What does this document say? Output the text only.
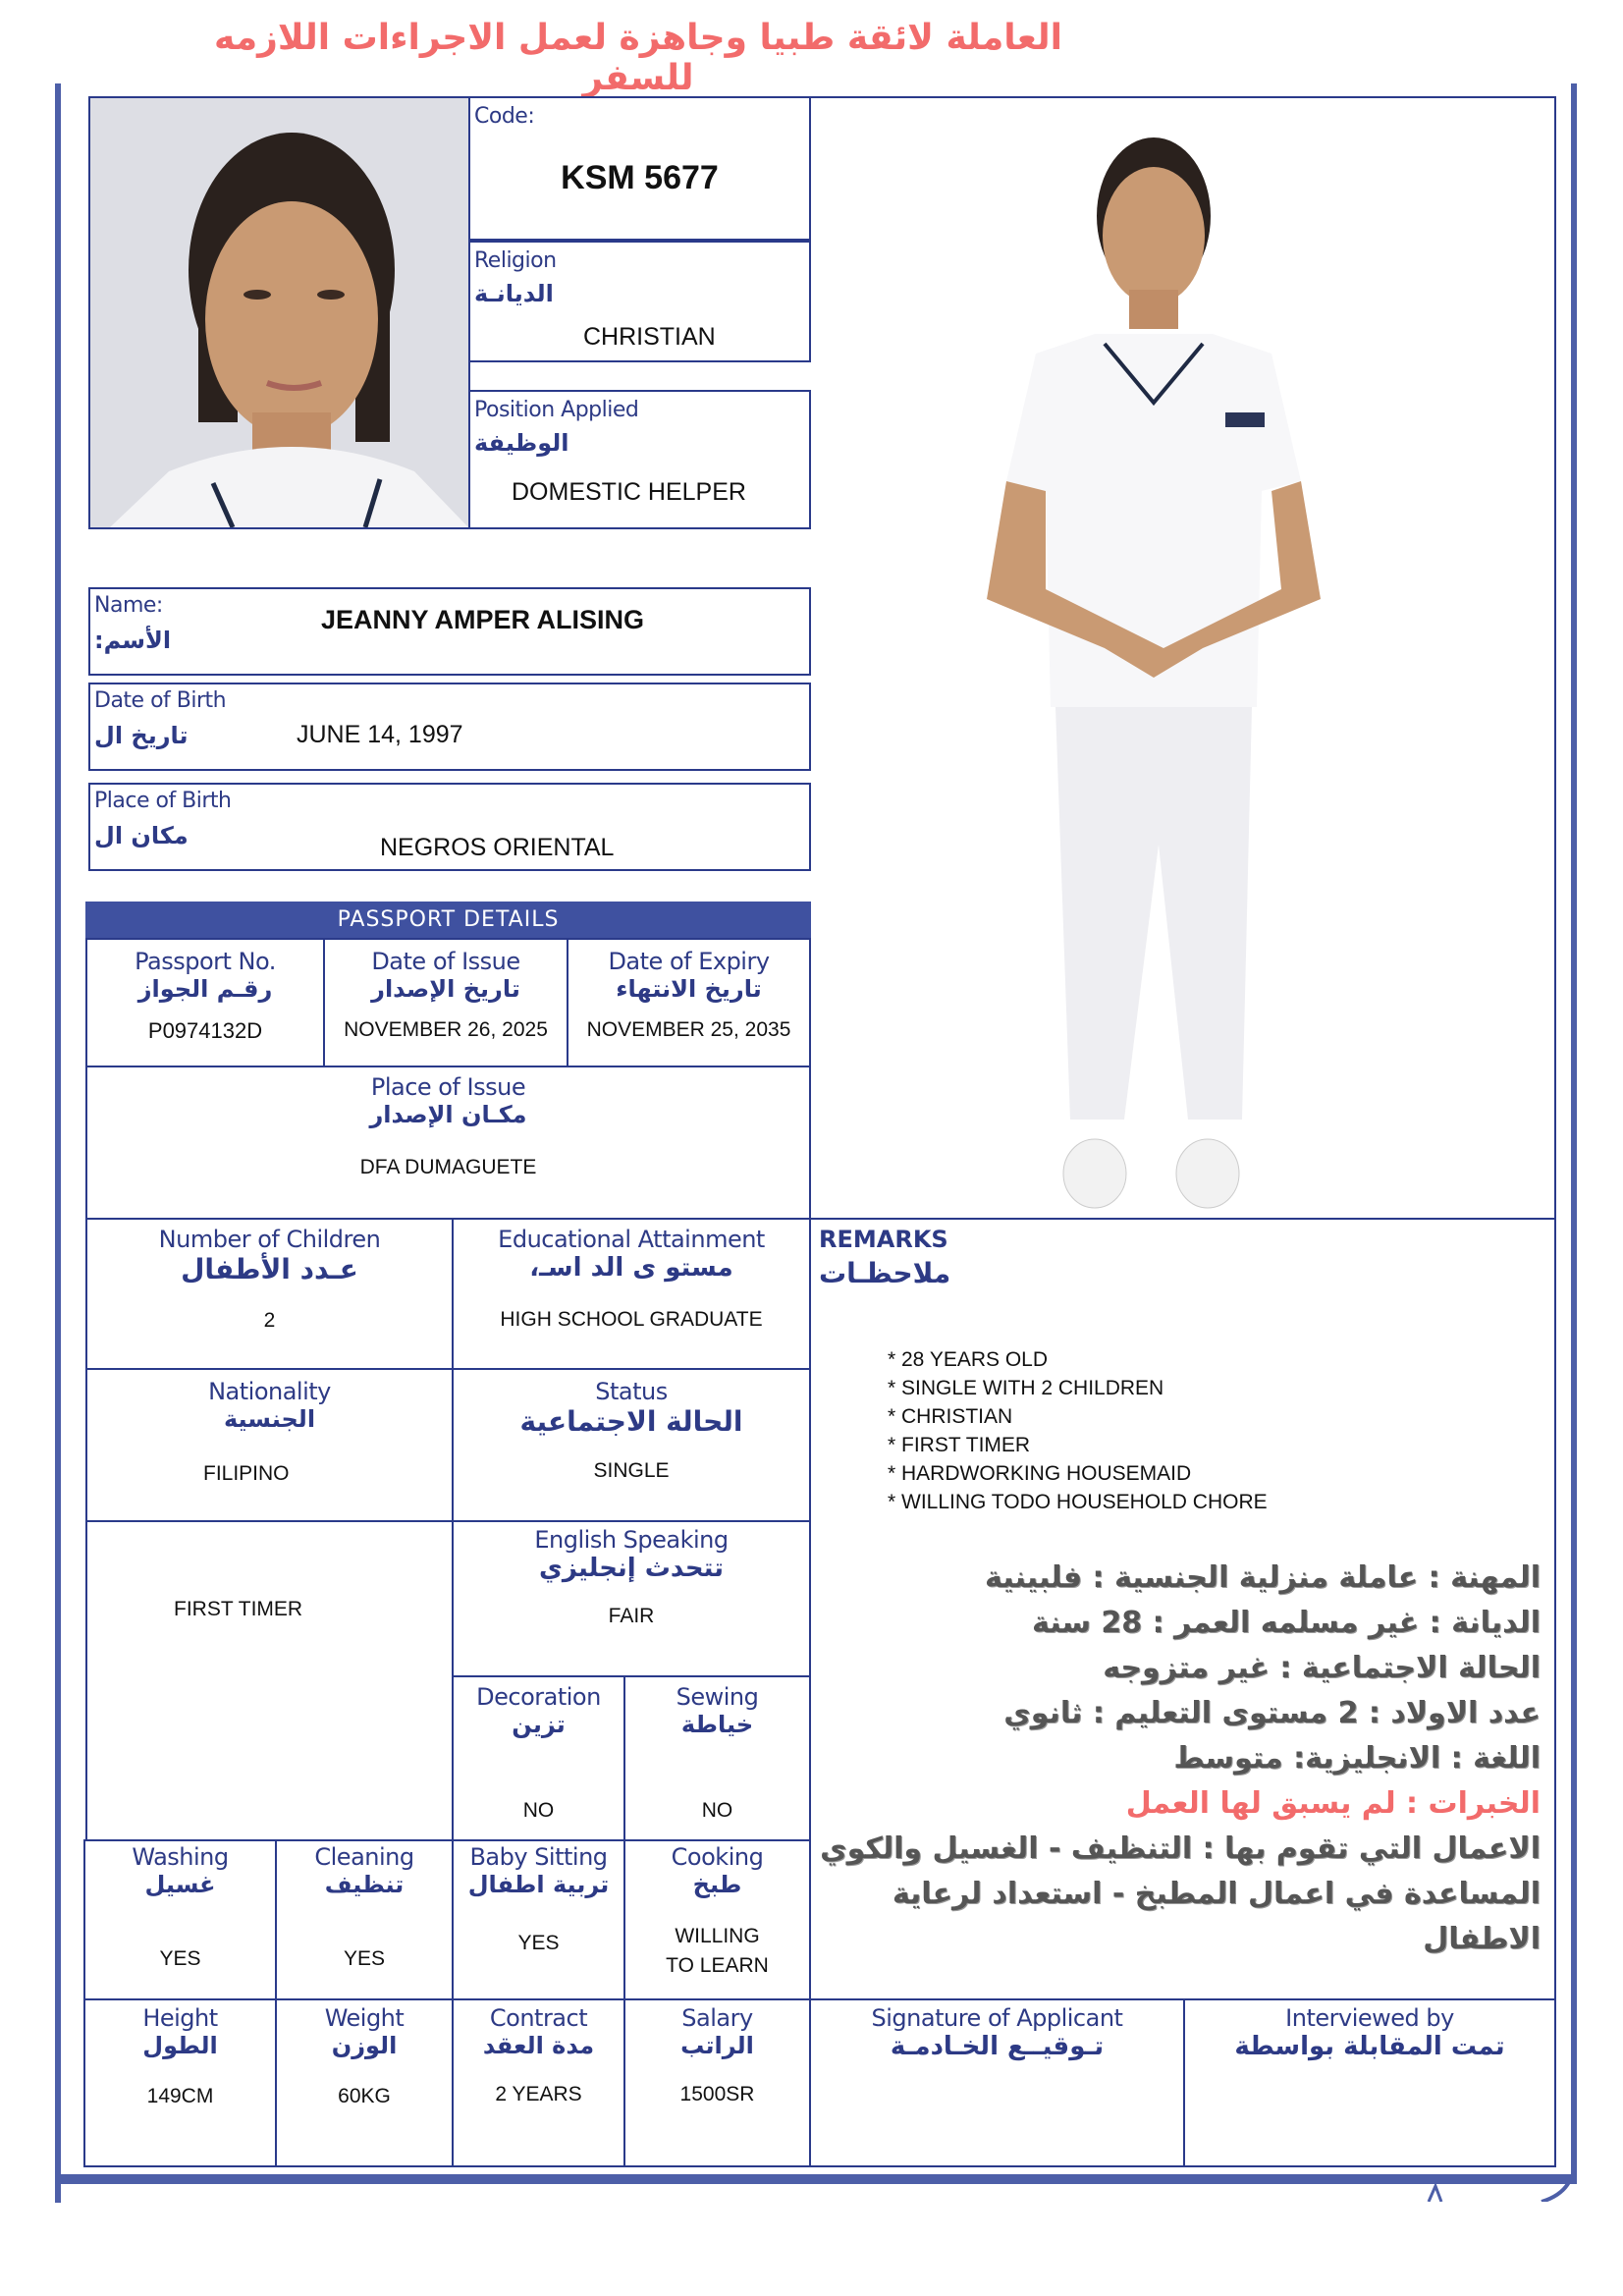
العاملة لائقة طبيا وجاهزة لعمل الاجراءات اللازمه للسفر
Code:
KSM 5677
Religion
الديانـة
CHRISTIAN
Position Applied
الوظيفة
DOMESTIC HELPER
Name:
الأسم:
JEANNY AMPER ALISING
Date of Birth
تاريخ ال	JUNE 14, 1997
Place of Birth
مكان ال	NEGROS ORIENTAL
PASSPORT DETAILS
Passport No.
رقـم الجواز
P0974132D
Date of Issue
تاريخ الإصدار
NOVEMBER 26, 2025
Date of Expiry
تاريخ الانتهاء
NOVEMBER 25, 2035
Place of Issue
مكـان الإصدار
DFA DUMAGUETE
Number of Children
عـدد الأطفال
2
Educational Attainment
مستو ى الد اسـ،
HIGH SCHOOL GRADUATE
Nationality
الجنسية
FILIPINO
Status
الحالة الاجتماعية
SINGLE
FIRST TIMER
English Speaking
تتحدث إنجليزي
FAIR
Decoration
تزين
NO
Sewing
خياطة
NO
Washing
غسيل
YES
Cleaning
تنظيف
YES
Baby Sitting
تربية اطفال
YES
Cooking
طبخ
WILLING TO LEARN
Height
الطول
149CM
Weight
الوزن
60KG
Contract
مدة العقد
2 YEARS
Salary
الراتب
1500SR
REMARKS
ملاحظـات
* 28 YEARS OLD
* SINGLE WITH 2 CHILDREN
* CHRISTIAN
* FIRST TIMER
* HARDWORKING HOUSEMAID
* WILLING TODO HOUSEHOLD CHORE
المهنة : عاملة منزلية الجنسية : فلبينية
الديانة : غير مسلمه العمر : 28 سنة
الحالة الاجتماعية : غير متزوجه
عدد الاولاد : 2 مستوى التعليم : ثانوي
اللغة : الانجليزية: متوسط
الخبرات : لم يسبق لها العمل
الاعمال التي تقوم بها : التنظيف - الغسيل والكوي
المساعدة في اعمال المطبخ - استعداد لرعاية الاطفال
Signature of Applicant
تـوقيــع الخـادمـة
Interviewed by
تمت المقابلة بواسطة
